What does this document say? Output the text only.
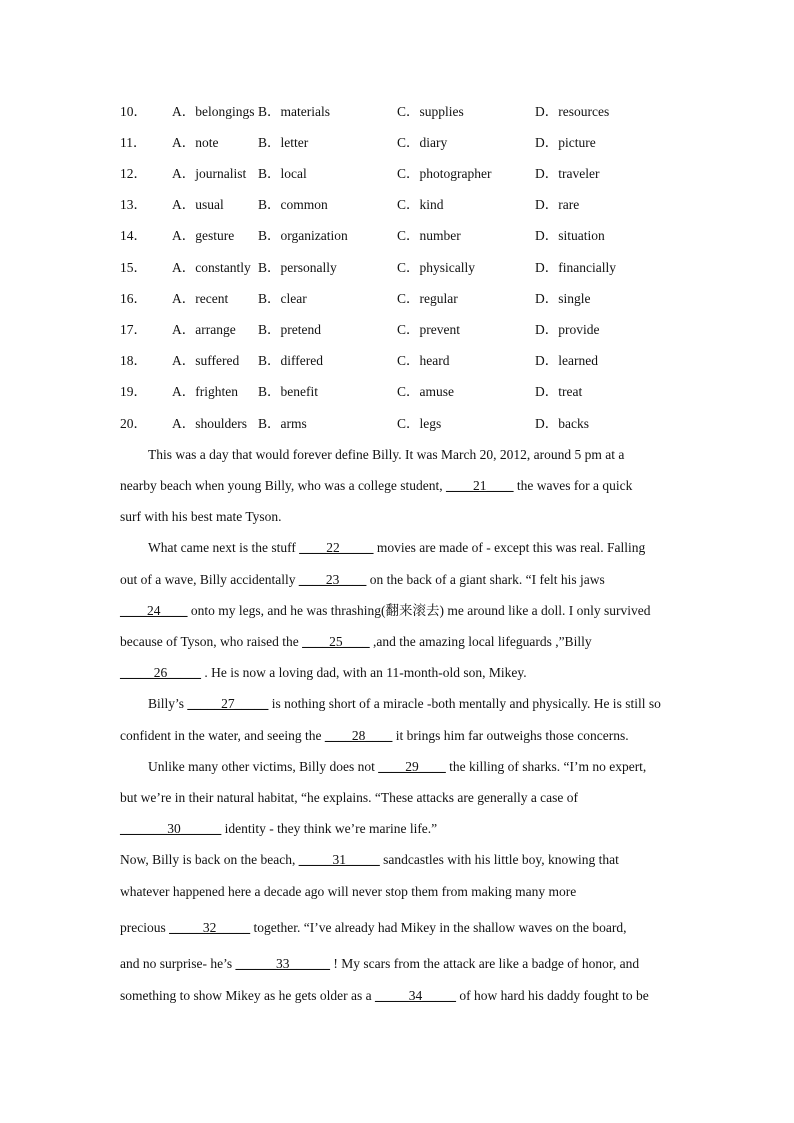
10． A．belongings B．materials	C．supplies	D．resources
11． A．note	B．letter	C．diary	D．picture
12． A．journalist B．local	C．photographer	D．traveler
13． A．usual	B．common	C．kind	D．rare
14． A．gesture B．organization	C．number	D．situation
15． A．constantly B．personally	C．physically	D．financially
16． A．recent B．clear	C．regular	D．single
17． A．arrange B．pretend	C．prevent	D．provide
18． A．suffered B．differed	C．heard	D．learned
19． A．frighten B．benefit	C．amuse	D．treat
20． A．shoulders B．arms	C．legs	D．backs
This was a day that would forever define Billy. It was March 20, 2012, around 5 pm at a
nearby beach when young Billy, who was a college student, ____21____ the waves for a quick
surf with his best mate Tyson.
What came next is the stuff ____22_____ movies are made of - except this was real. Falling
out of a wave, Billy accidentally ____23____ on the back of a giant shark. “I felt his jaws
____24____ onto my legs, and he was thrashing(翻来滚去) me around like a doll. I only survived
because of Tyson, who raised the ____25____ ,and the amazing local lifeguards ,”Billy
_____26_____ . He is now a loving dad, with an 11-month-old son, Mikey.
Billy’s _____27_____ is nothing short of a miracle -both mentally and physically. He is still so
confident in the water, and seeing the ____28____ it brings him far outweighs those concerns.
Unlike many other victims, Billy does not ____29____ the killing of sharks. “I’m no expert,
but we’re in their natural habitat, “he explains. “These attacks are generally a case of
_______30______ identity - they think we’re marine life.”
Now, Billy is back on the beach, _____31_____ sandcastles with his little boy, knowing that
whatever happened here a decade ago will never stop them from making many more
precious _____32_____ together. “I’ve already had Mikey in the shallow waves on the board,
and no surprise- he’s ______33______ ! My scars from the attack are like a badge of honor, and
something to show Mikey as he gets older as a _____34_____ of how hard his daddy fought to be
